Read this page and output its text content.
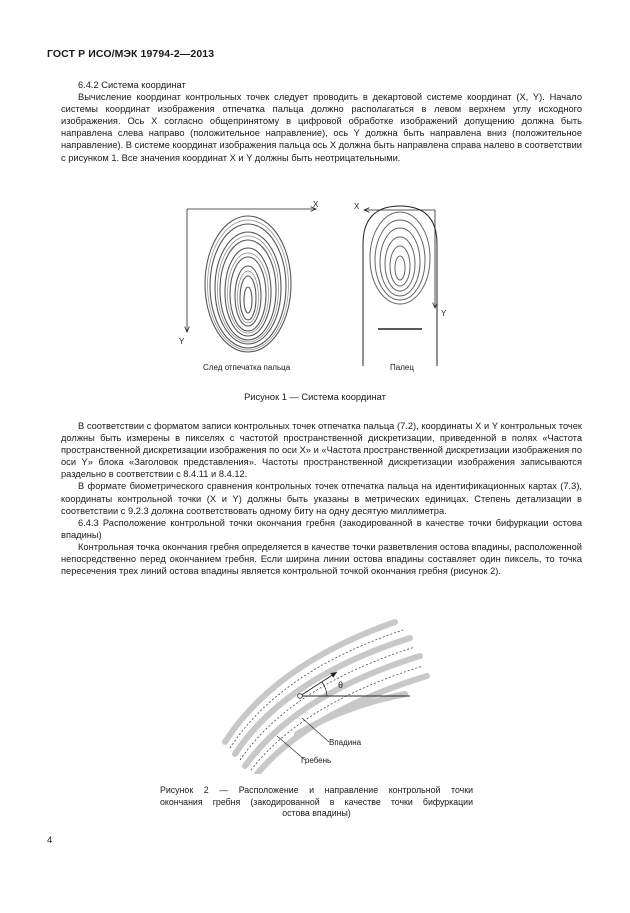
ГОСТ Р ИСО/МЭК 19794-2—2013

6.4.2 Система координат

Вычисление координат контрольных точек следует проводить в декартовой системе координат (X, Y). Начало системы координат изображения отпечатка пальца должно располагаться в левом верхнем углу исходного изображения. Ось X согласно общепринятому в цифровой обработке изображений допущению должна быть направлена слева направо (положительное направление), ось Y должна быть направлена вниз (положительное направление). В системе координат изображения пальца ось X должна быть направлена справа налево в соответствии с рисунком 1. Все значения координат X и Y должны быть неотрицательными.

X
Y
X
Y
След отпечатка пальца	Палец
Рисунок 1 — Система координат

В соответствии с форматом записи контрольных точек отпечатка пальца (7.2), координаты X и Y контрольных точек должны быть измерены в пикселях с частотой пространственной дискретизации, приведенной в полях «Частота пространственной дискретизации изображения по оси X» и «Частота пространственной дискретизации изображения по оси Y» блока «Заголовок представления». Частоты пространственной дискретизации изображения записываются раздельно в соответствии с 8.4.11 и 8.4.12.

В формате биометрического сравнения контрольных точек отпечатка пальца на идентификационных картах (7.3), координаты контрольной точки (X и Y) должны быть указаны в метрических единицах. Степень детализации в соответствии с 9.2.3 должна соответствовать одному биту на одну десятую миллиметра.

6.4.3 Расположение контрольной точки окончания гребня (закодированной в качестве точки бифуркации остова впадины)

Контрольная точка окончания гребня определяется в качестве точки разветвления остова впадины, расположенной непосредственно перед окончанием гребня. Если ширина линии остова впадины составляет один пиксель, то точка пересечения трех линий остова впадины является контрольной точкой окончания гребня (рисунок 2).

θ
Впадина
Гребень
Рисунок 2 — Расположение и направление контрольной точки
окончания гребня (закодированной в качестве точки бифуркации
остова впадины)
4
